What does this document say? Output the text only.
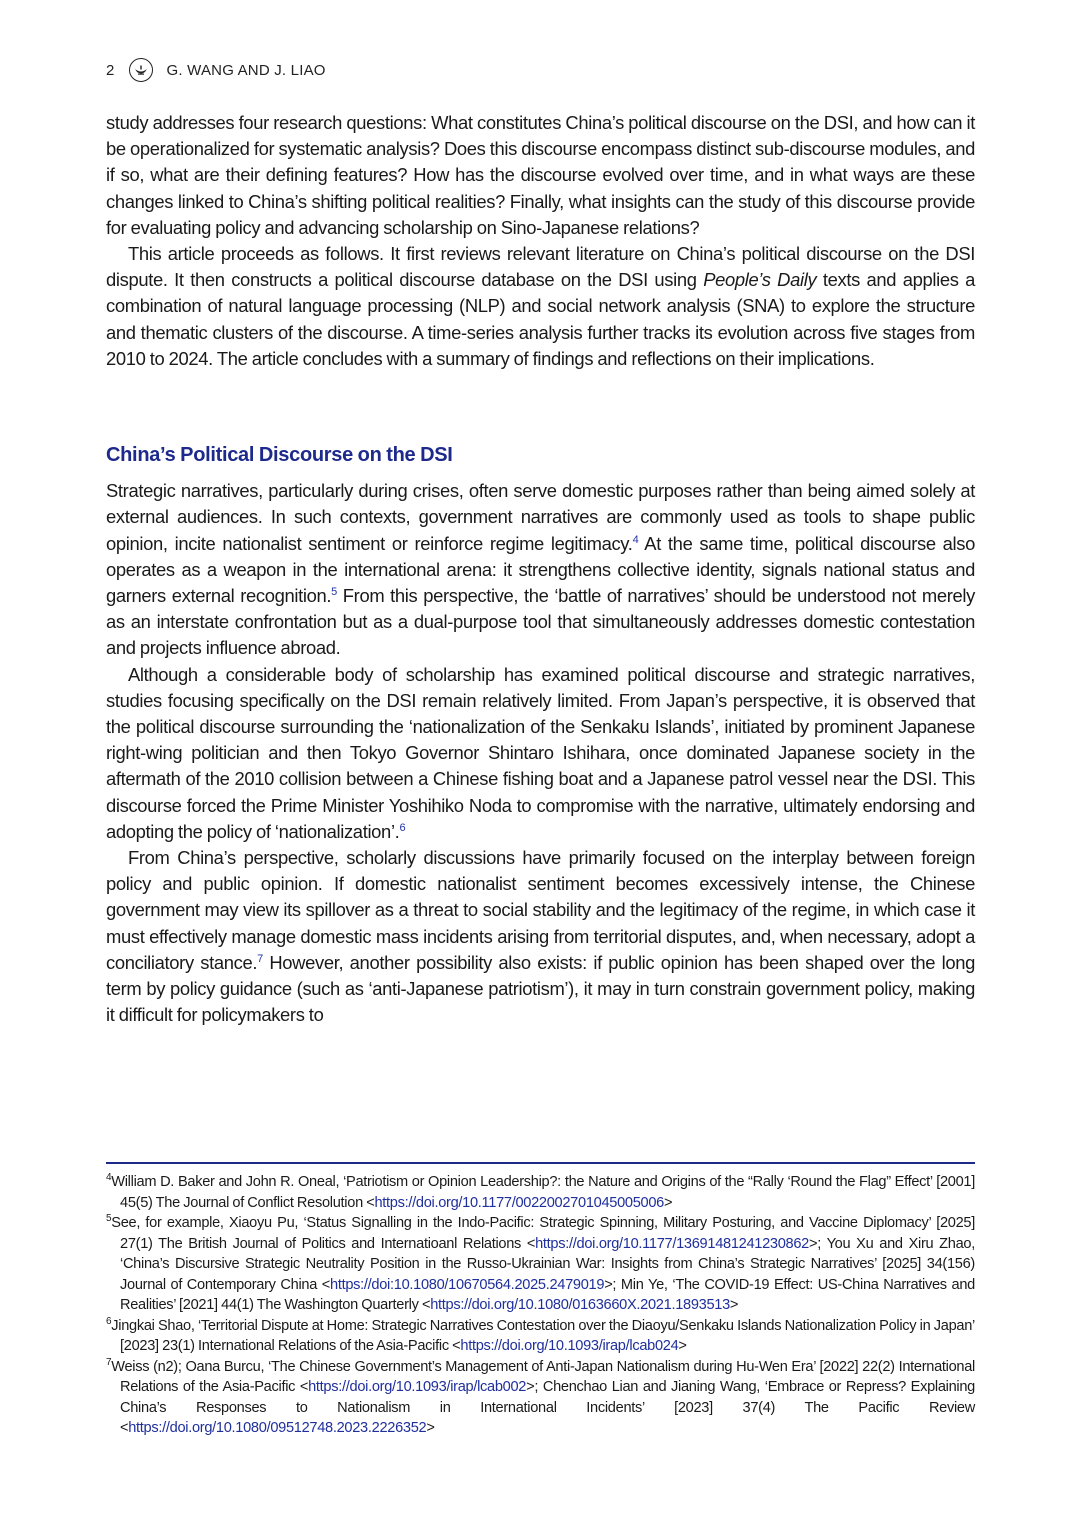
2	G. WANG AND J. LIAO

study addresses four research questions: What constitutes China’s political discourse on the DSI, and how can it be operationalized for systematic analysis? Does this discourse encompass distinct sub-discourse modules, and if so, what are their defining features? How has the discourse evolved over time, and in what ways are these changes linked to China’s shifting political realities? Finally, what insights can the study of this discourse provide for evaluating policy and advancing scholarship on Sino-Japanese relations?

This article proceeds as follows. It first reviews relevant literature on China’s political discourse on the DSI dispute. It then constructs a political discourse database on the DSI using People’s Daily texts and applies a combination of natural language processing (NLP) and social network analysis (SNA) to explore the structure and thematic clusters of the discourse. A time-series analysis further tracks its evolution across five stages from 2010 to 2024. The article concludes with a summary of findings and reflections on their implications.

China’s Political Discourse on the DSI

Strategic narratives, particularly during crises, often serve domestic purposes rather than being aimed solely at external audiences. In such contexts, government narratives are commonly used as tools to shape public opinion, incite nationalist sentiment or reinforce regime legitimacy.$^4$ At the same time, political discourse also operates as a weapon in the international arena: it strengthens collective identity, signals national status and garners external recognition.$^5$ From this perspective, the ‘battle of narratives’ should be understood not merely as an interstate confrontation but as a dual-purpose tool that simultaneously addresses domestic contestation and projects influence abroad.

Although a considerable body of scholarship has examined political discourse and strategic narratives, studies focusing specifically on the DSI remain relatively limited. From Japan’s perspective, it is observed that the political discourse surrounding the ‘nationalization of the Senkaku Islands’, initiated by prominent Japanese right-wing politician and then Tokyo Governor Shintaro Ishihara, once dominated Japanese society in the aftermath of the 2010 collision between a Chinese fishing boat and a Japanese patrol vessel near the DSI. This discourse forced the Prime Minister Yoshihiko Noda to compromise with the narrative, ultimately endorsing and adopting the policy of ‘nationalization’.$^6$

From China’s perspective, scholarly discussions have primarily focused on the interplay between foreign policy and public opinion. If domestic nationalist sentiment becomes excessively intense, the Chinese government may view its spillover as a threat to social stability and the legitimacy of the regime, in which case it must effectively manage domestic mass incidents arising from territorial disputes, and, when necessary, adopt a conciliatory stance.$^7$ However, another possibility also exists: if public opinion has been shaped over the long term by policy guidance (such as ‘anti-Japanese patriotism’), it may in turn constrain government policy, making it difficult for policymakers to

$^4$William D. Baker and John R. Oneal, ‘Patriotism or Opinion Leadership?: the Nature and Origins of the “Rally ‘Round the Flag” Effect’ [2001] 45(5) The Journal of Conflict Resolution <https://doi.org/10.1177/0022002701045005006>

$^5$See, for example, Xiaoyu Pu, ‘Status Signalling in the Indo-Pacific: Strategic Spinning, Military Posturing, and Vaccine Diplomacy’ [2025] 27(1) The British Journal of Politics and Internatioanl Relations <https://doi.org/10.1177/13691481241230862>; You Xu and Xiru Zhao, ‘China’s Discursive Strategic Neutrality Position in the Russo-Ukrainian War: Insights from China’s Strategic Narratives’ [2025] 34(156) Journal of Contemporary China <https://doi:10.1080/10670564.2025.2479019>; Min Ye, ‘The COVID-19 Effect: US-China Narratives and Realities’ [2021] 44(1) The Washington Quarterly <https://doi.org/10.1080/0163660X.2021.1893513>

$^6$Jingkai Shao, ‘Territorial Dispute at Home: Strategic Narratives Contestation over the Diaoyu/Senkaku Islands Nationalization Policy in Japan’ [2023] 23(1) International Relations of the Asia-Pacific <https://doi.org/10.1093/irap/lcab024>

$^7$Weiss (n2); Oana Burcu, ‘The Chinese Government’s Management of Anti-Japan Nationalism during Hu-Wen Era’ [2022] 22(2) International Relations of the Asia-Pacific <https://doi.org/10.1093/irap/lcab002>; Chenchao Lian and Jianing Wang, ‘Embrace or Repress? Explaining China’s Responses to Nationalism in International Incidents’ [2023] 37(4) The Pacific Review <https://doi.org/10.1080/09512748.2023.2226352>
